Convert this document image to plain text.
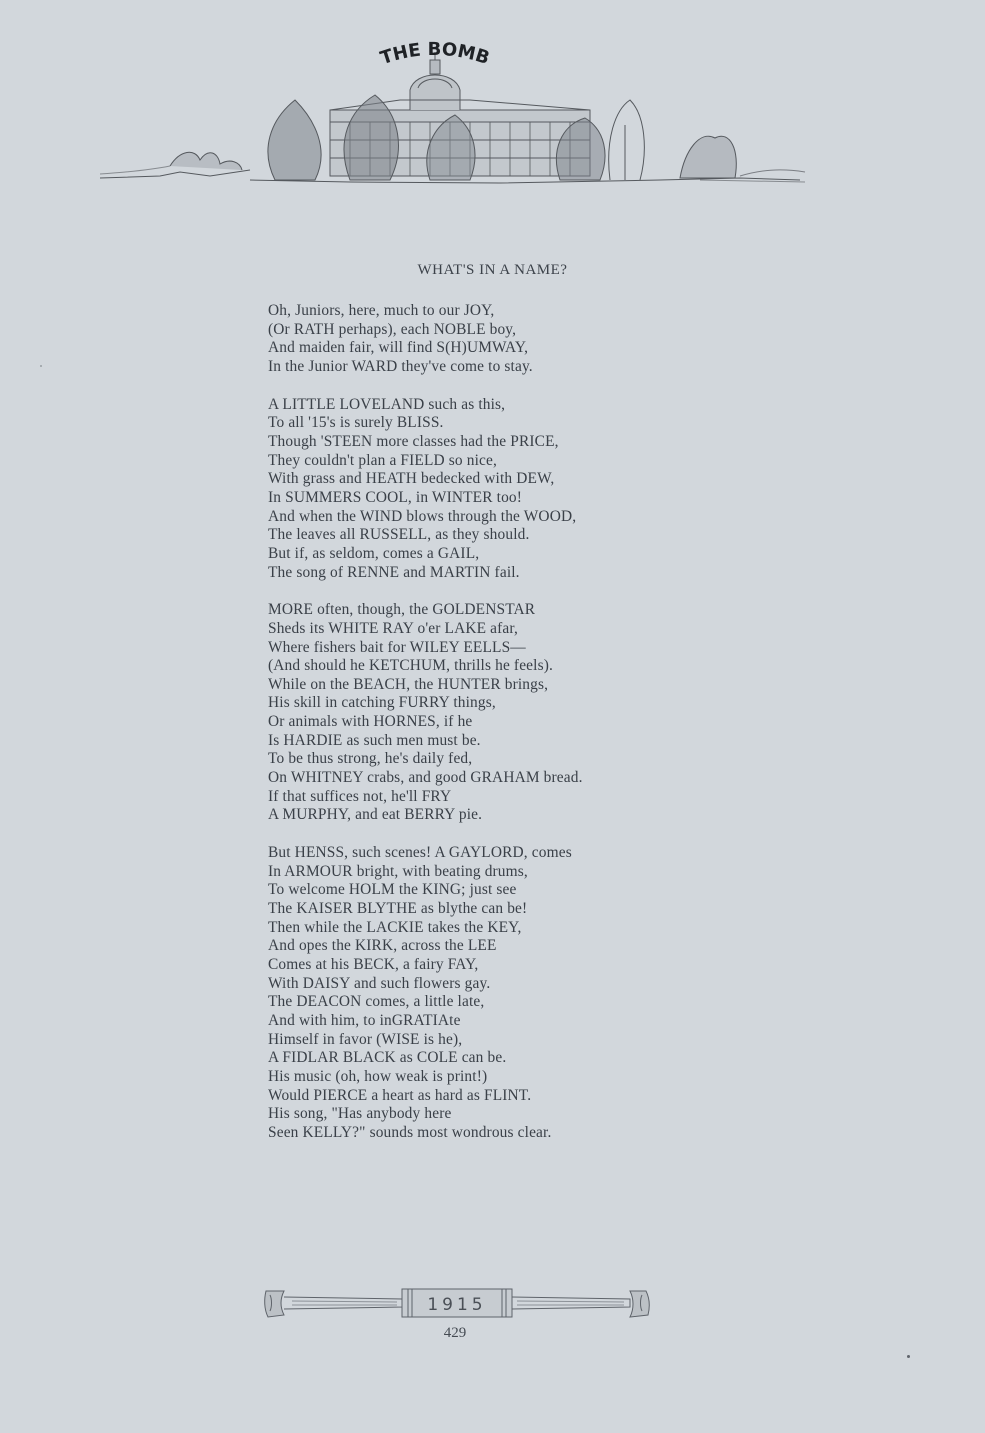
THE BOMB
WHAT'S IN A NAME?
Oh, Juniors, here, much to our JOY,
(Or RATH perhaps), each NOBLE boy,
And maiden fair, will find S(H)UMWAY,
In the Junior WARD they've come to stay.
A LITTLE LOVELAND such as this,
To all '15's is surely BLISS.
Though 'STEEN more classes had the PRICE,
They couldn't plan a FIELD so nice,
With grass and HEATH bedecked with DEW,
In SUMMERS COOL, in WINTER too!
And when the WIND blows through the WOOD,
The leaves all RUSSELL, as they should.
But if, as seldom, comes a GAIL,
The song of RENNE and MARTIN fail.
MORE often, though, the GOLDENSTAR
Sheds its WHITE RAY o'er LAKE afar,
Where fishers bait for WILEY EELLS—
(And should he KETCHUM, thrills he feels).
While on the BEACH, the HUNTER brings,
His skill in catching FURRY things,
Or animals with HORNES, if he
Is HARDIE as such men must be.
To be thus strong, he's daily fed,
On WHITNEY crabs, and good GRAHAM bread.
If that suffices not, he'll FRY
A MURPHY, and eat BERRY pie.
But HENSS, such scenes! A GAYLORD, comes
In ARMOUR bright, with beating drums,
To welcome HOLM the KING; just see
The KAISER BLYTHE as blythe can be!
Then while the LACKIE takes the KEY,
And opes the KIRK, across the LEE
Comes at his BECK, a fairy FAY,
With DAISY and such flowers gay.
The DEACON comes, a little late,
And with him, to inGRATIAte
Himself in favor (WISE is he),
A FIDLAR BLACK as COLE can be.
His music (oh, how weak is print!)
Would PIERCE a heart as hard as FLINT.
His song, "Has anybody here
Seen KELLY?" sounds most wondrous clear.
1915
429
